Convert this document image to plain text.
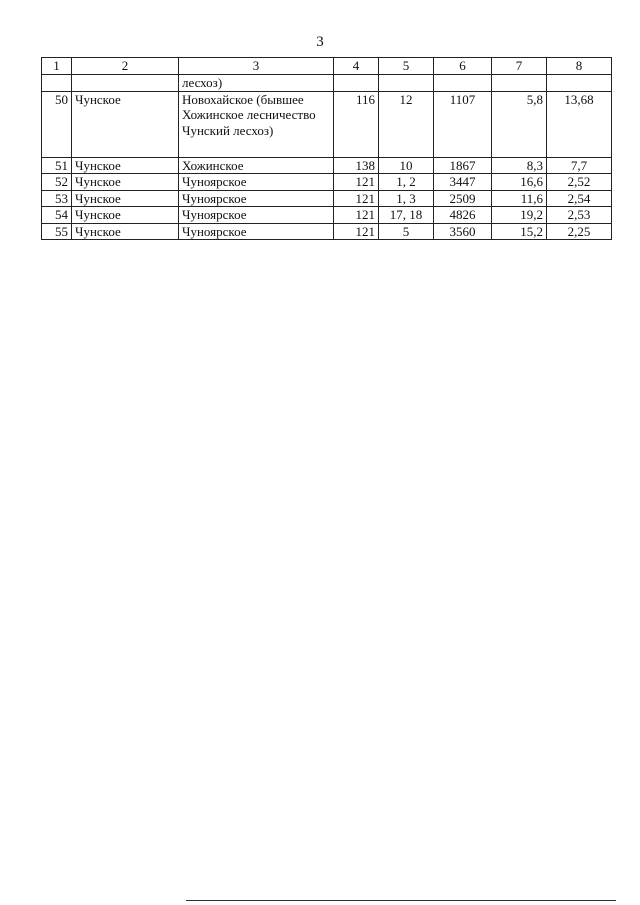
3
1	2	3	4	5	6	7	8
		лесхоз)					
50	Чунское	Новохайское (бывшее Хожинское лесничество Чунский лесхоз)	116	12	1107	5,8	13,68
51	Чунское	Хожинское	138	10	1867	8,3	7,7
52	Чунское	Чуноярское	121	1, 2	3447	16,6	2,52
53	Чунское	Чуноярское	121	1, 3	2509	11,6	2,54
54	Чунское	Чуноярское	121	17, 18	4826	19,2	2,53
55	Чунское	Чуноярское	121	5	3560	15,2	2,25
